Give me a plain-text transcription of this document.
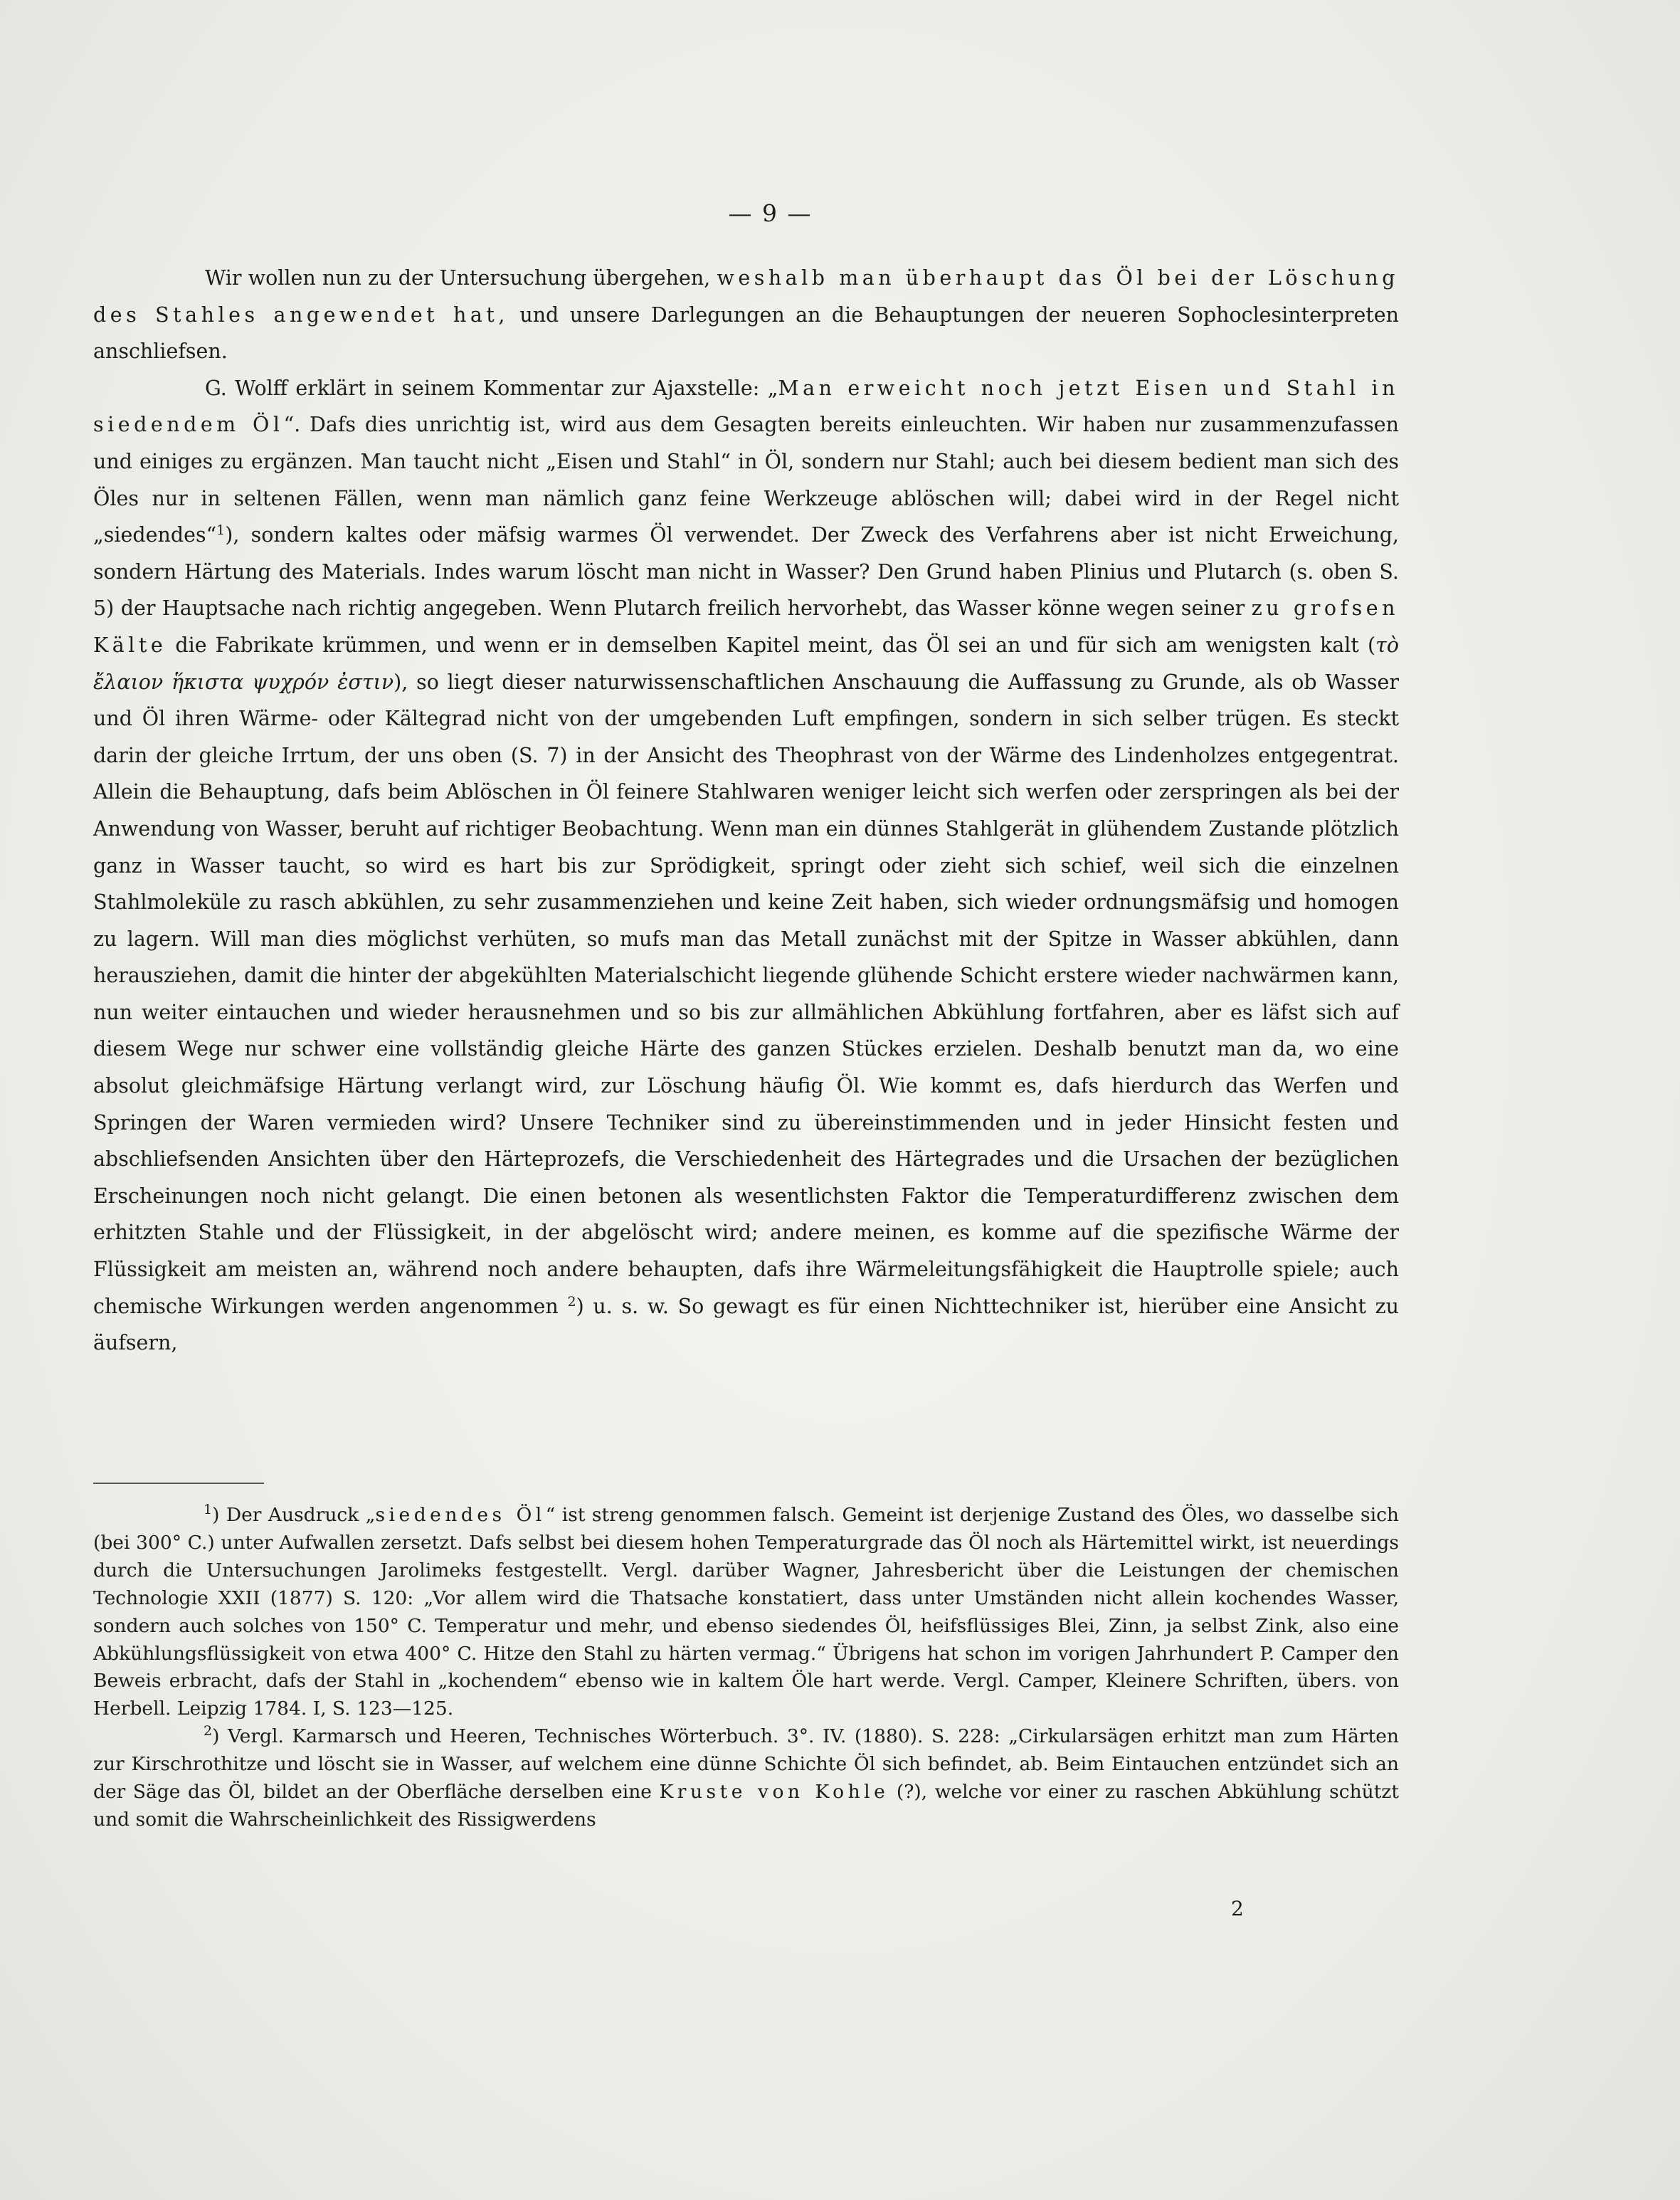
— 9 —

Wir wollen nun zu der Untersuchung übergehen, weshalb man überhaupt das Öl bei der Löschung des Stahles angewendet hat, und unsere Darlegungen an die Behauptungen der neueren Sophoclesinterpreten anschliefsen.

G. Wolff erklärt in seinem Kommentar zur Ajaxstelle: „Man erweicht noch jetzt Eisen und Stahl in siedendem Öl“. Dafs dies unrichtig ist, wird aus dem Gesagten bereits einleuchten. Wir haben nur zusammenzufassen und einiges zu ergänzen. Man taucht nicht „Eisen und Stahl“ in Öl, sondern nur Stahl; auch bei diesem bedient man sich des Öles nur in seltenen Fällen, wenn man nämlich ganz feine Werkzeuge ablöschen will; dabei wird in der Regel nicht „siedendes“$^1$), sondern kaltes oder mäfsig warmes Öl verwendet. Der Zweck des Verfahrens aber ist nicht Erweichung, sondern Härtung des Materials. Indes warum löscht man nicht in Wasser? Den Grund haben Plinius und Plutarch (s. oben S. 5) der Hauptsache nach richtig angegeben. Wenn Plutarch freilich hervorhebt, das Wasser könne wegen seiner zu grofsen Kälte die Fabrikate krümmen, und wenn er in demselben Kapitel meint, das Öl sei an und für sich am wenigsten kalt (τὸ ἔλαιον ἥκιστα ψυχρόν ἐστιν), so liegt dieser naturwissenschaftlichen Anschauung die Auffassung zu Grunde, als ob Wasser und Öl ihren Wärme- oder Kältegrad nicht von der umgebenden Luft empfingen, sondern in sich selber trügen. Es steckt darin der gleiche Irrtum, der uns oben (S. 7) in der Ansicht des Theophrast von der Wärme des Lindenholzes entgegentrat. Allein die Behauptung, dafs beim Ablöschen in Öl feinere Stahlwaren weniger leicht sich werfen oder zerspringen als bei der Anwendung von Wasser, beruht auf richtiger Beobachtung. Wenn man ein dünnes Stahlgerät in glühendem Zustande plötzlich ganz in Wasser taucht, so wird es hart bis zur Sprödigkeit, springt oder zieht sich schief, weil sich die einzelnen Stahlmoleküle zu rasch abkühlen, zu sehr zusammenziehen und keine Zeit haben, sich wieder ordnungsmäfsig und homogen zu lagern. Will man dies möglichst verhüten, so mufs man das Metall zunächst mit der Spitze in Wasser abkühlen, dann herausziehen, damit die hinter der abgekühlten Materialschicht liegende glühende Schicht erstere wieder nachwärmen kann, nun weiter eintauchen und wieder herausnehmen und so bis zur allmählichen Abkühlung fortfahren, aber es läfst sich auf diesem Wege nur schwer eine vollständig gleiche Härte des ganzen Stückes erzielen. Deshalb benutzt man da, wo eine absolut gleichmäfsige Härtung verlangt wird, zur Löschung häufig Öl. Wie kommt es, dafs hierdurch das Werfen und Springen der Waren vermieden wird? Unsere Techniker sind zu übereinstimmenden und in jeder Hinsicht festen und abschliefsenden Ansichten über den Härteprozefs, die Verschiedenheit des Härtegrades und die Ursachen der bezüglichen Erscheinungen noch nicht gelangt. Die einen betonen als wesentlichsten Faktor die Temperaturdifferenz zwischen dem erhitzten Stahle und der Flüssigkeit, in der abgelöscht wird; andere meinen, es komme auf die spezifische Wärme der Flüssigkeit am meisten an, während noch andere behaupten, dafs ihre Wärmeleitungsfähigkeit die Hauptrolle spiele; auch chemische Wirkungen werden angenommen $^2$) u. s. w. So gewagt es für einen Nichttechniker ist, hierüber eine Ansicht zu äufsern,

$^1$) Der Ausdruck „siedendes Öl“ ist streng genommen falsch. Gemeint ist derjenige Zustand des Öles, wo dasselbe sich (bei 300° C.) unter Aufwallen zersetzt. Dafs selbst bei diesem hohen Temperaturgrade das Öl noch als Härtemittel wirkt, ist neuerdings durch die Untersuchungen Jarolimeks festgestellt. Vergl. darüber Wagner, Jahresbericht über die Leistungen der chemischen Technologie XXII (1877) S. 120: „Vor allem wird die Thatsache konstatiert, dass unter Umständen nicht allein kochendes Wasser, sondern auch solches von 150° C. Temperatur und mehr, und ebenso siedendes Öl, heifsflüssiges Blei, Zinn, ja selbst Zink, also eine Abkühlungsflüssigkeit von etwa 400° C. Hitze den Stahl zu härten vermag.“ Übrigens hat schon im vorigen Jahrhundert P. Camper den Beweis erbracht, dafs der Stahl in „kochendem“ ebenso wie in kaltem Öle hart werde. Vergl. Camper, Kleinere Schriften, übers. von Herbell. Leipzig 1784. I, S. 123—125.

$^2$) Vergl. Karmarsch und Heeren, Technisches Wörterbuch. 3°. IV. (1880). S. 228: „Cirkularsägen erhitzt man zum Härten zur Kirschrothitze und löscht sie in Wasser, auf welchem eine dünne Schichte Öl sich befindet, ab. Beim Eintauchen entzündet sich an der Säge das Öl, bildet an der Oberfläche derselben eine Kruste von Kohle (?), welche vor einer zu raschen Abkühlung schützt und somit die Wahrscheinlichkeit des Rissigwerdens

2
